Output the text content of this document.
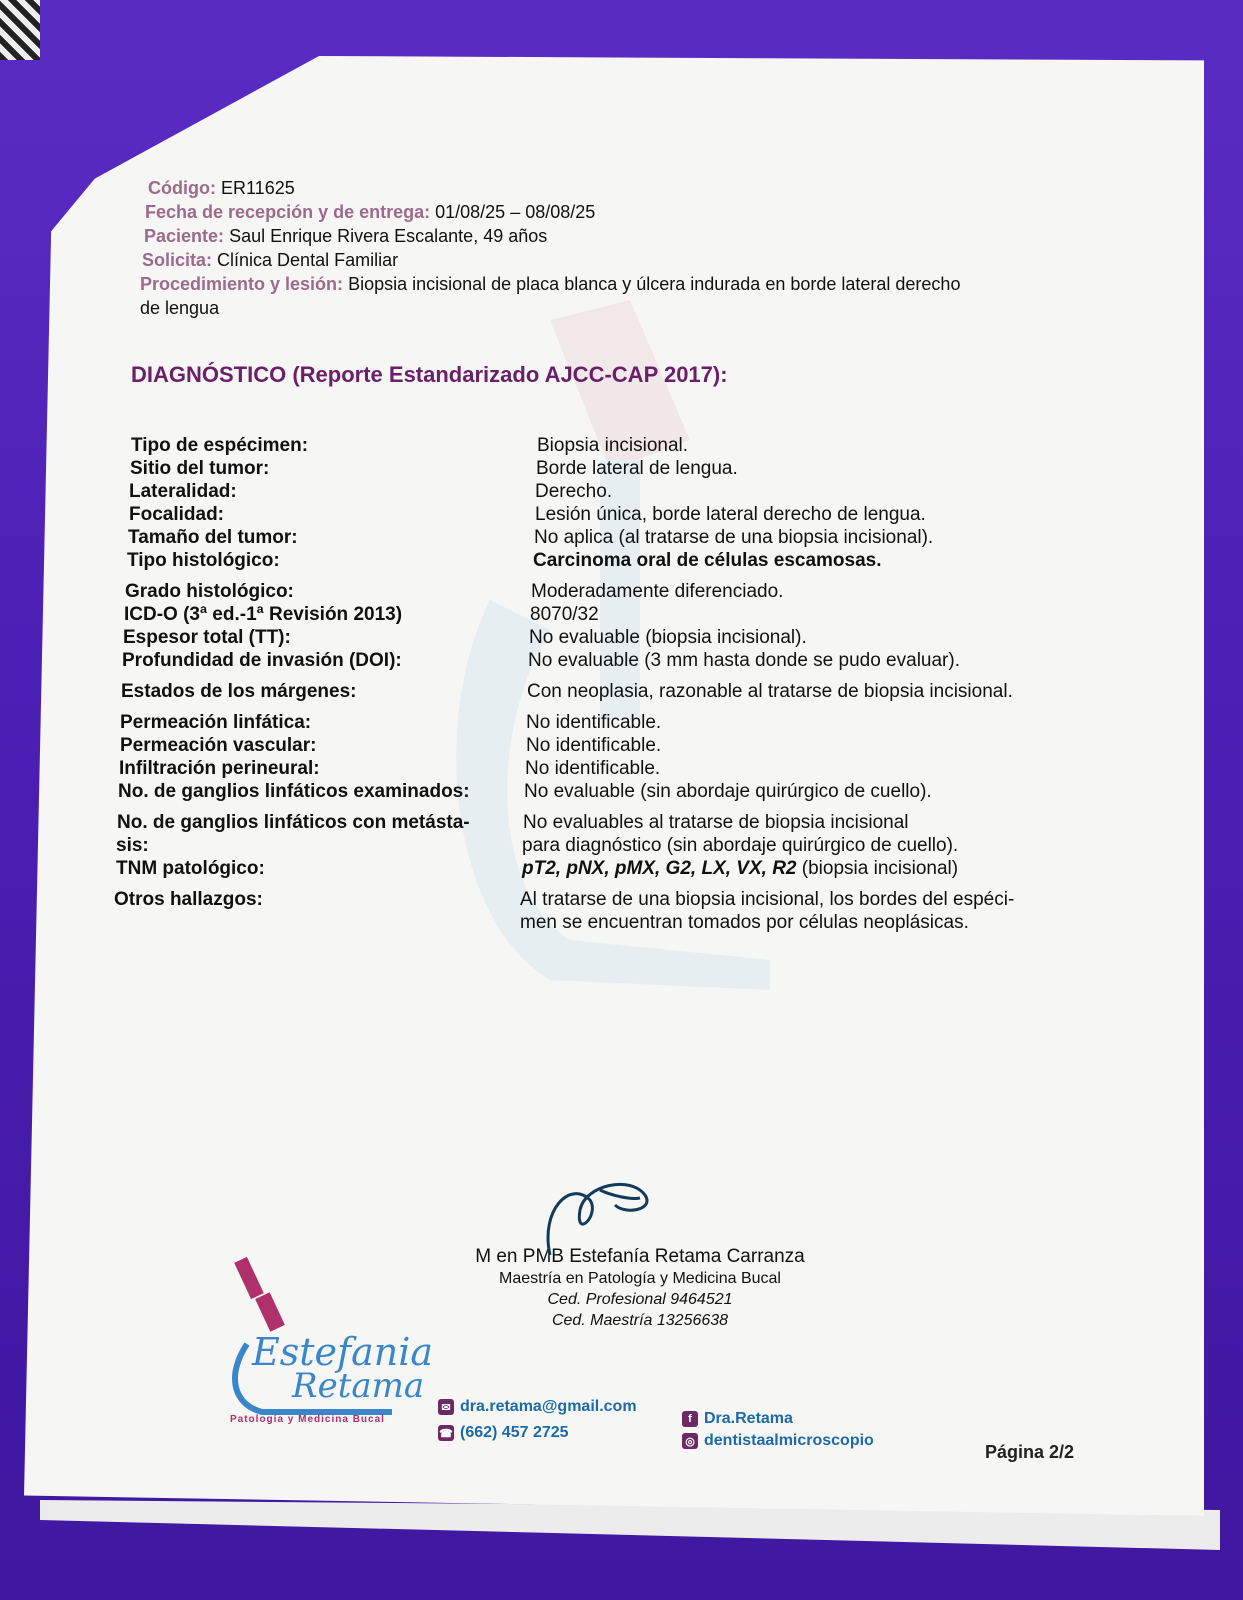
Código: ER11625
Fecha de recepción y de entrega: 01/08/25 – 08/08/25
Paciente: Saul Enrique Rivera Escalante, 49 años
Solicita: Clínica Dental Familiar
Procedimiento y lesión: Biopsia incisional de placa blanca y úlcera indurada en borde lateral derecho
de lengua
DIAGNÓSTICO (Reporte Estandarizado AJCC-CAP 2017):
Tipo de espécimen:	Biopsia incisional.
Sitio del tumor:	Borde lateral de lengua.
Lateralidad:	Derecho.
Focalidad:	Lesión única, borde lateral derecho de lengua.
Tamaño del tumor:	No aplica (al tratarse de una biopsia incisional).
Tipo histológico:	Carcinoma oral de células escamosas.
Grado histológico:	Moderadamente diferenciado.
ICD-O (3ª ed.-1ª Revisión 2013)	8070/32
Espesor total (TT):	No evaluable (biopsia incisional).
Profundidad de invasión (DOI):	No evaluable (3 mm hasta donde se pudo evaluar).
Estados de los márgenes:	Con neoplasia, razonable al tratarse de biopsia incisional.
Permeación linfática:	No identificable.
Permeación vascular:	No identificable.
Infiltración perineural:	No identificable.
No. de ganglios linfáticos examinados:	No evaluable (sin abordaje quirúrgico de cuello).
No. de ganglios linfáticos con metásta-	No evaluables al tratarse de biopsia incisional
sis:	para diagnóstico (sin abordaje quirúrgico de cuello).
TNM patológico:	pT2, pNX, pMX, G2, LX, VX, R2 (biopsia incisional)
Otros hallazgos:	Al tratarse de una biopsia incisional, los bordes del espéci-
men se encuentran tomados por células neoplásicas.
M en PMB Estefanía Retama Carranza
Maestría en Patología y Medicina Bucal
Ced. Profesional 9464521
Ced. Maestría 13256638
Estefania
Retama
Patología y Medicina Bucal
✉ dra.retama@gmail.com
☎ (662) 457 2725
f Dra.Retama
◎ dentistaalmicroscopio
Página 2/2
